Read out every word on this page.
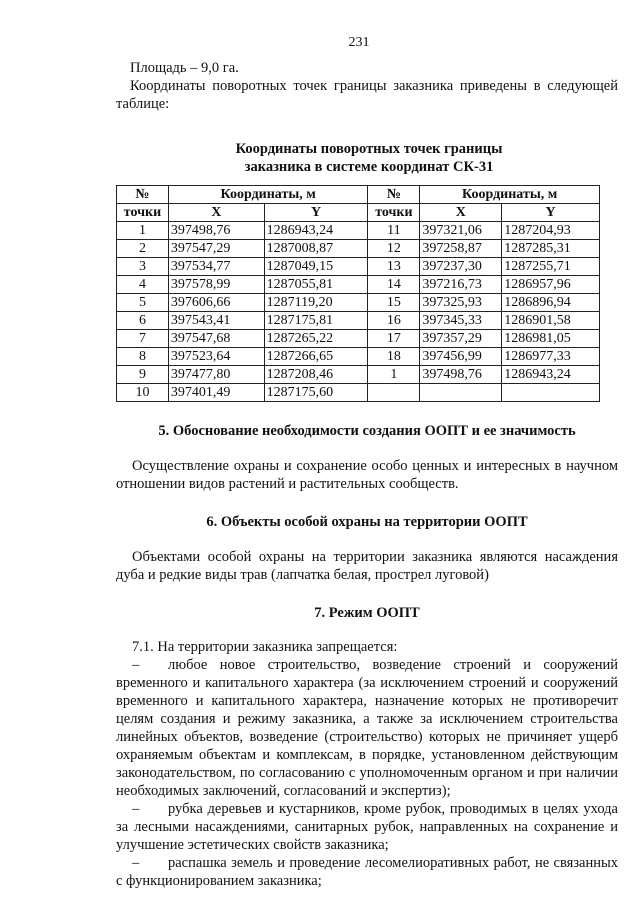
231

Площадь – 9,0 га.

Координаты поворотных точек границы заказника приведены в следующей таблице:

Координаты поворотных точек границы
заказника в системе координат СК-31
№	Координаты, м		№	Координаты, м	
точки	X	Y	точки	X	Y
1	397498,76	1286943,24	11	397321,06	1287204,93
2	397547,29	1287008,87	12	397258,87	1287285,31
3	397534,77	1287049,15	13	397237,30	1287255,71
4	397578,99	1287055,81	14	397216,73	1286957,96
5	397606,66	1287119,20	15	397325,93	1286896,94
6	397543,41	1287175,81	16	397345,33	1286901,58
7	397547,68	1287265,22	17	397357,29	1286981,05
8	397523,64	1287266,65	18	397456,99	1286977,33
9	397477,80	1287208,46	1	397498,76	1286943,24
10	397401,49	1287175,60			

5. Обоснование необходимости создания ООПТ и ее значимость

Осуществление охраны и сохранение особо ценных и интересных в научном отношении видов растений и растительных сообществ.

6. Объекты особой охраны на территории ООПТ

Объектами особой охраны на территории заказника являются насаждения дуба и редкие виды трав (лапчатка белая, прострел луговой)

7. Режим ООПТ

7.1. На территории заказника запрещается:

– любое новое строительство, возведение строений и сооружений временного и капитального характера (за исключением строений и сооружений временного и капитального характера, назначение которых не противоречит целям создания и режиму заказника, а также за исключением строительства линейных объектов, возведение (строительство) которых не причиняет ущерб охраняемым объектам и комплексам, в порядке, установленном действующим законодательством, по согласованию с уполномоченным органом и при наличии необходимых заключений, согласований и экспертиз);

– рубка деревьев и кустарников, кроме рубок, проводимых в целях ухода за лесными насаждениями, санитарных рубок, направленных на сохранение и улучшение эстетических свойств заказника;

– распашка земель и проведение лесомелиоративных работ, не связанных с функционированием заказника;
